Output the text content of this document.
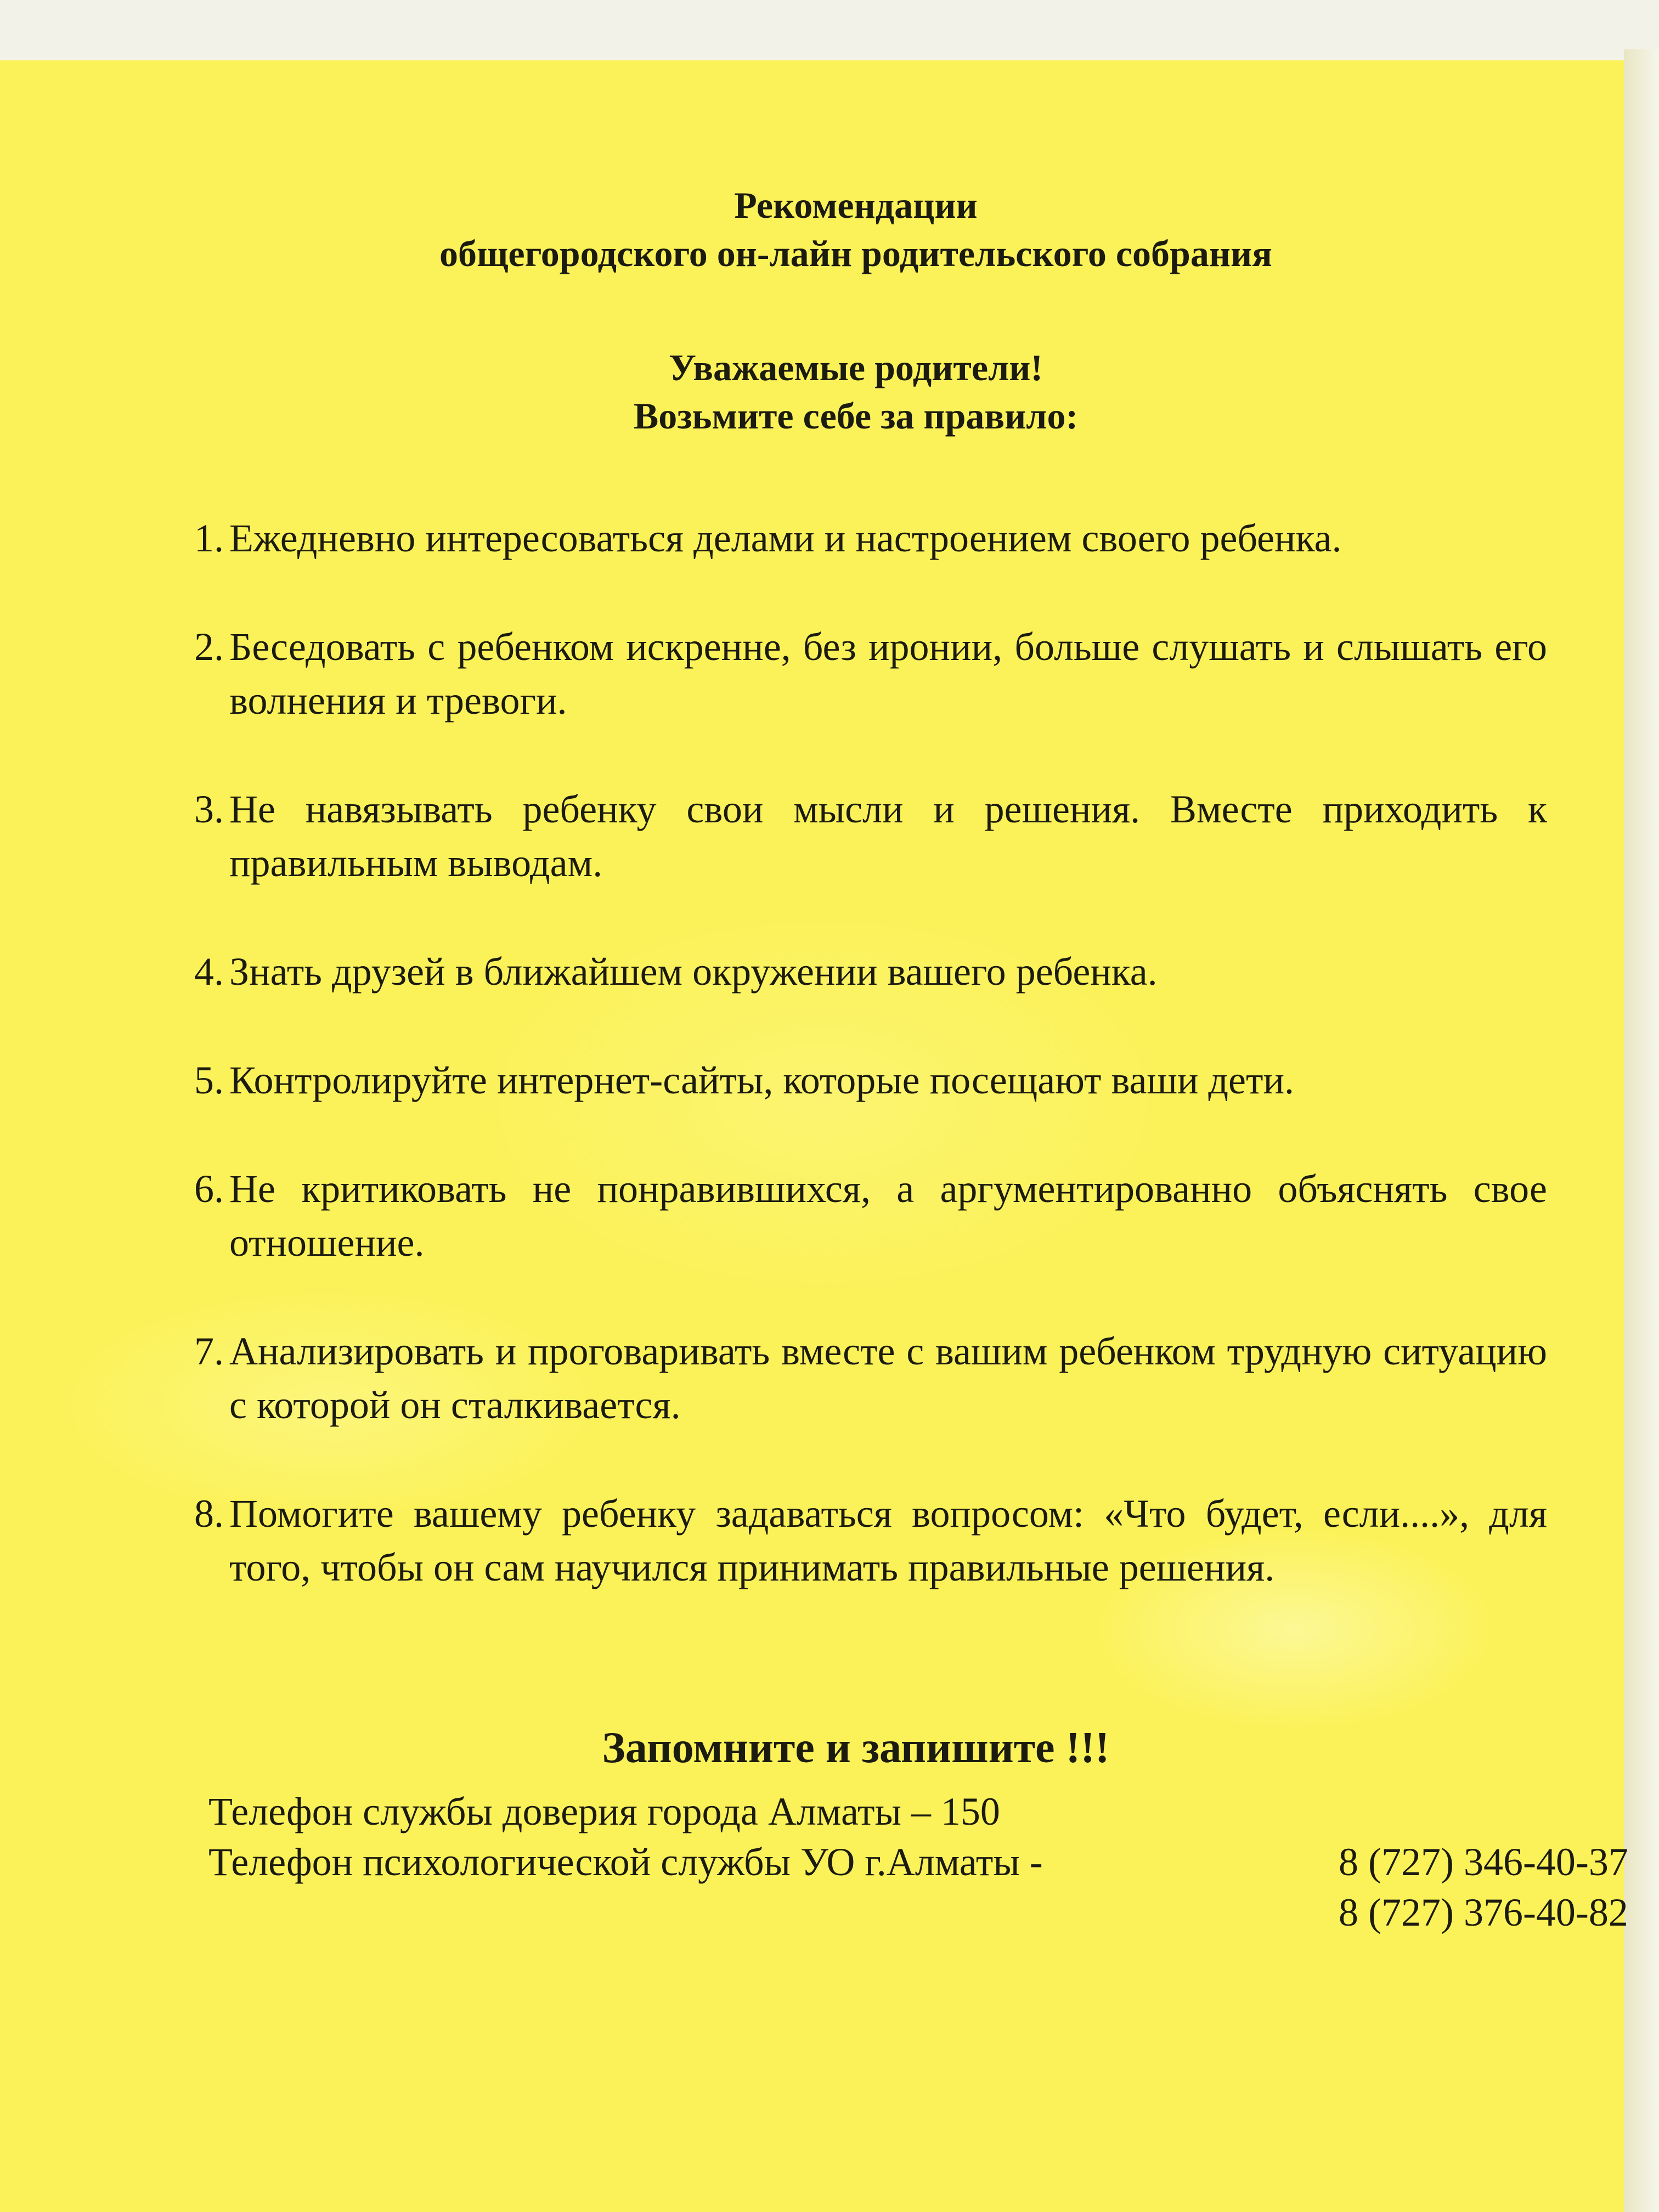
Рекомендации

общегородского он-лайн родительского собрания

Уважаемые родители!

Возьмите себе за правило:

1. Ежедневно интересоваться делами и настроением своего ребенка.
2. Беседовать с ребенком искренне, без иронии, больше слушать и слышать его волнения и тревоги.
3. Не навязывать ребенку свои мысли и решения. Вместе приходить к правильным выводам.
4. Знать друзей в ближайшем окружении вашего ребенка.
5. Контролируйте интернет-сайты, которые посещают ваши дети.
6. Не критиковать не понравившихся, а аргументированно объяснять свое отношение.
7. Анализировать и проговаривать вместе с вашим ребенком трудную ситуацию с которой он сталкивается.
8. Помогите вашему ребенку задаваться вопросом: «Что будет, если....», для того, чтобы он сам научился принимать правильные решения.
Запомните и запишите !!!
Телефон службы доверия города Алматы – 150
Телефон психологической службы УО г.Алматы -	8 (727) 346-40-37
8 (727) 376-40-82
